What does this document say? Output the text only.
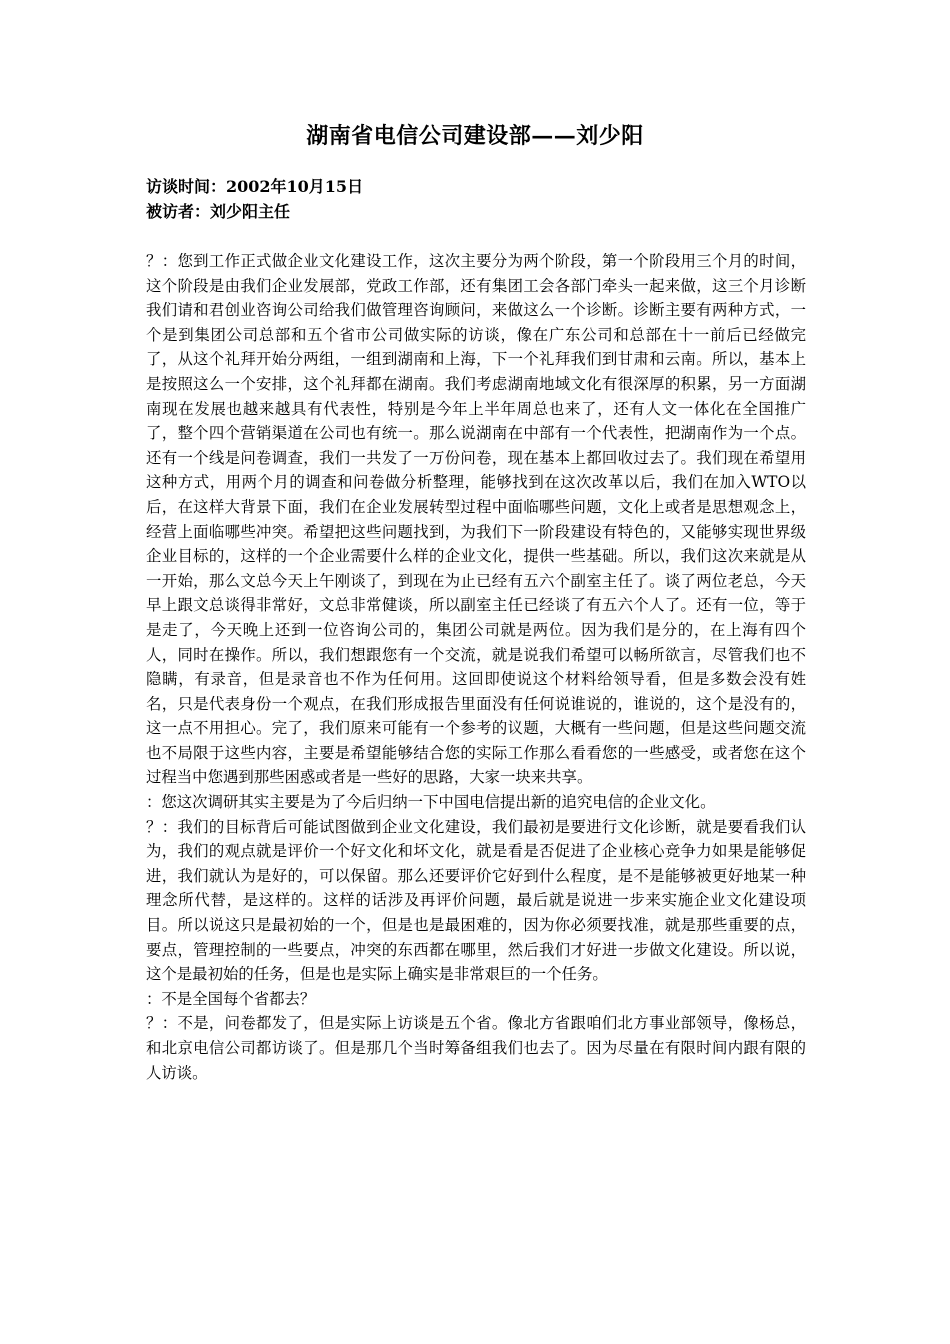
湖南省电信公司建设部——刘少阳

访谈时间：2002年10月15日

被访者：刘少阳主任

？：您到工作正式做企业文化建设工作，这次主要分为两个阶段，第一个阶段用三个月的时间，这个阶段是由我们企业发展部，党政工作部，还有集团工会各部门牵头一起来做，这三个月诊断我们请和君创业咨询公司给我们做管理咨询顾问，来做这么一个诊断。诊断主要有两种方式，一个是到集团公司总部和五个省市公司做实际的访谈，像在广东公司和总部在十一前后已经做完了，从这个礼拜开始分两组，一组到湖南和上海，下一个礼拜我们到甘肃和云南。所以，基本上是按照这么一个安排，这个礼拜都在湖南。我们考虑湖南地域文化有很深厚的积累，另一方面湖南现在发展也越来越具有代表性，特别是今年上半年周总也来了，还有人文一体化在全国推广了，整个四个营销渠道在公司也有统一。那么说湖南在中部有一个代表性，把湖南作为一个点。还有一个线是问卷调查，我们一共发了一万份问卷，现在基本上都回收过去了。我们现在希望用这种方式，用两个月的调查和问卷做分析整理，能够找到在这次改革以后，我们在加入WTO以后，在这样大背景下面，我们在企业发展转型过程中面临哪些问题，文化上或者是思想观念上，经营上面临哪些冲突。希望把这些问题找到，为我们下一阶段建设有特色的，又能够实现世界级企业目标的，这样的一个企业需要什么样的企业文化，提供一些基础。所以，我们这次来就是从一开始，那么文总今天上午刚谈了，到现在为止已经有五六个副室主任了。谈了两位老总，今天早上跟文总谈得非常好，文总非常健谈，所以副室主任已经谈了有五六个人了。还有一位，等于是走了，今天晚上还到一位咨询公司的，集团公司就是两位。因为我们是分的，在上海有四个人，同时在操作。所以，我们想跟您有一个交流，就是说我们希望可以畅所欲言，尽管我们也不隐瞒，有录音，但是录音也不作为任何用。这回即使说这个材料给领导看，但是多数会没有姓名，只是代表身份一个观点，在我们形成报告里面没有任何说谁说的，谁说的，这个是没有的，这一点不用担心。完了，我们原来可能有一个参考的议题，大概有一些问题，但是这些问题交流也不局限于这些内容，主要是希望能够结合您的实际工作那么看看您的一些感受，或者您在这个过程当中您遇到那些困惑或者是一些好的思路，大家一块来共享。

：您这次调研其实主要是为了今后归纳一下中国电信提出新的追究电信的企业文化。

？：我们的目标背后可能试图做到企业文化建设，我们最初是要进行文化诊断，就是要看我们认为，我们的观点就是评价一个好文化和坏文化，就是看是否促进了企业核心竞争力如果是能够促进，我们就认为是好的，可以保留。那么还要评价它好到什么程度，是不是能够被更好地某一种理念所代替，是这样的。这样的话涉及再评价问题，最后就是说进一步来实施企业文化建设项目。所以说这只是最初始的一个，但是也是最困难的，因为你必须要找准，就是那些重要的点，要点，管理控制的一些要点，冲突的东西都在哪里，然后我们才好进一步做文化建设。所以说，这个是最初始的任务，但是也是实际上确实是非常艰巨的一个任务。

：不是全国每个省都去？

？：不是，问卷都发了，但是实际上访谈是五个省。像北方省跟咱们北方事业部领导，像杨总，和北京电信公司都访谈了。但是那几个当时筹备组我们也去了。因为尽量在有限时间内跟有限的人访谈。
